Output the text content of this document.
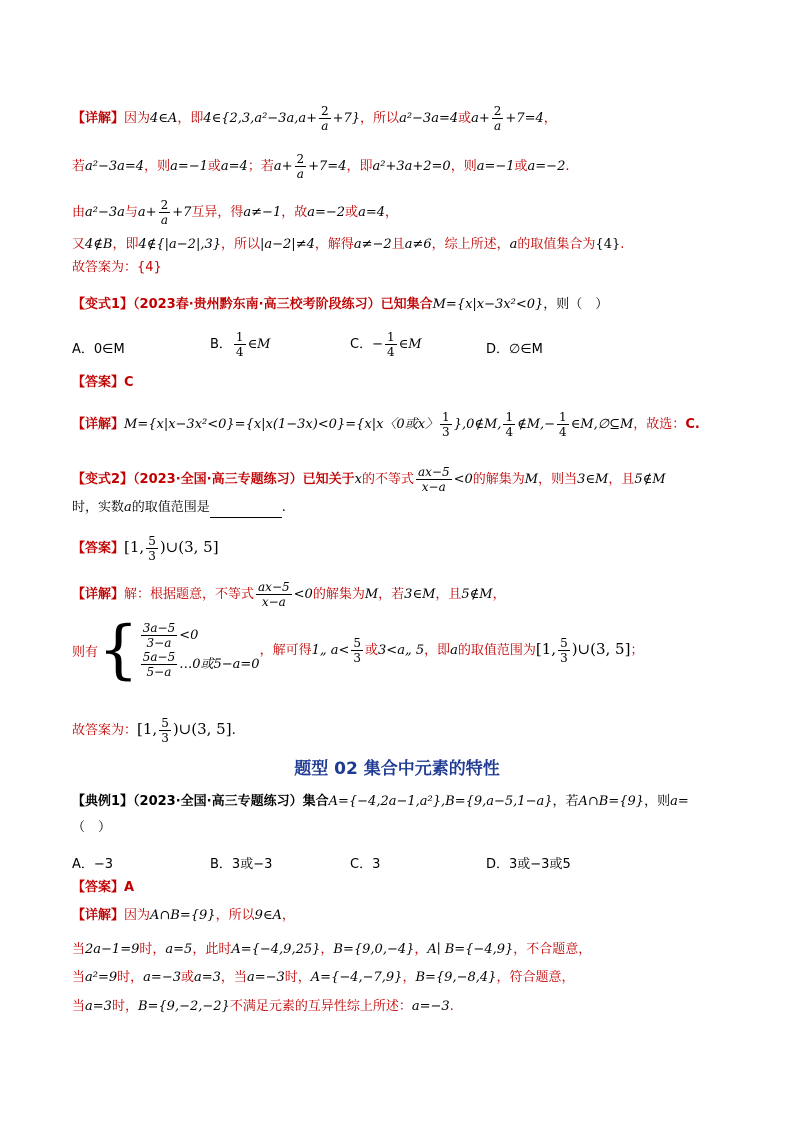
【详解】因为4∈A，即4∈{2,3,a²−3a,a+ $\frac{2}{a} +7$}，所以a²−3a=4或$a+ \frac{2}{a} +7=4$，
若a²−3a=4，则a=−1或a=4；若$a+ \frac{2}{a} +7=4$，即a²+3a+2=0，则a=−1或a=−2.
由a²−3a与$a+ \frac{2}{a} +7$互异，得a≠−1，故a=−2或a=4，
又4∉B，即4∉{|a−2|,3}，所以|a−2|≠4，解得a≠−2且a≠6，综上所述，a的取值集合为{4}.
故答案为：{4}
【变式1】（2023春·贵州黔东南·高三校考阶段练习）已知集合M={x|x−3x²<0}，则（　）
A．0∈M	B． $\frac{1}{4}$ ∈M	C．− $\frac{1}{4}$ ∈M	D．∅∈M
【答案】C
【详解】M={x|x−3x²<0}={x|x(1−3x)<0}={x|x〈0或x〉 $\frac{1}{3}$ },0∉M, $\frac{1}{4}$ ∉M,− $\frac{1}{4}$ ∈M,∅⊆M，故选：C.
【变式2】（2023·全国·高三专题练习）已知关于x的不等式 $\frac{ax-5}{x-a} <0$的解集为M，则当3∈M，且5∉M
时，实数a的取值范围是	.
【答案】[1, $\frac{5}{3}$ )∪(3, 5]
【详解】解：根据题意，不等式 $\frac{ax-5}{x-a} <0$的解集为M，若3∈M，且5∉M，
则有{ $\frac{3a-5}{3-a} <0$
$\frac{5a-5}{5-a}$ …0或5−a=0
，解可得1„ $a< \frac{5}{3}$ 或3<a„ 5，即a的取值范围为[1, $\frac{5}{3}$ )∪(3, 5]；
故答案为：[1, $\frac{5}{3}$ )∪(3, 5].
题型 02 集合中元素的特性
【典例1】（2023·全国·高三专题练习）集合A={−4,2a−1,a²},B={9,a−5,1−a}，若A∩B={9}，则a=
（　）
A．−3	B．3或−3	C．3	D．3或−3或5
【答案】A
【详解】因为A∩B={9}，所以9∈A，
当2a−1=9时，a=5，此时A={−4,9,25}，B={9,0,−4}，A∣ B={−4,9}，不合题意，
当a²=9时，a=−3或a=3，当a=−3时，A={−4,−7,9}，B={9,−8,4}，符合题意，
当a=3时，B={9,−2,−2}不满足元素的互异性综上所述：a=−3.
